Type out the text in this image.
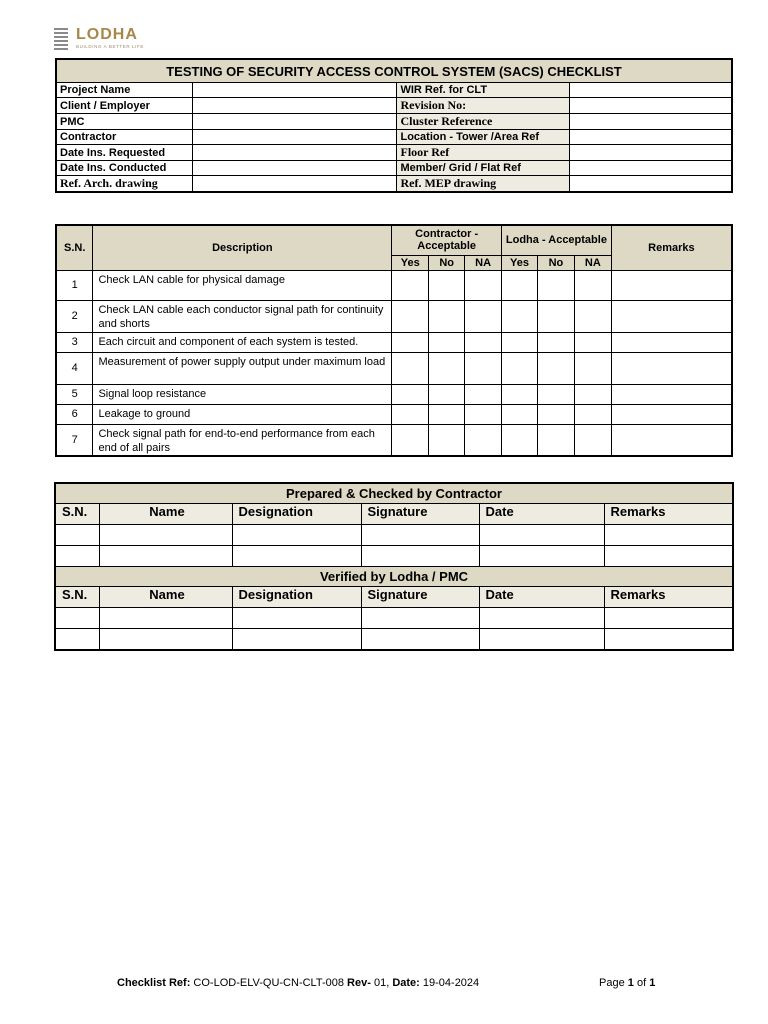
LODHA
BUILDING A BETTER LIFE
TESTING OF SECURITY ACCESS CONTROL SYSTEM (SACS) CHECKLIST			
Project Name		WIR Ref. for CLT	
Client / Employer		Revision No:	
PMC		Cluster Reference	
Contractor		Location - Tower /Area Ref	
Date Ins. Requested		Floor Ref	
Date Ins. Conducted		Member/ Grid / Flat Ref	
Ref. Arch. drawing		Ref. MEP drawing	
S.N.	Description	Contractor - Acceptable			Lodha - Acceptable			Remarks
		Yes	No	NA	Yes	No	NA	
1	Check LAN cable for physical damage							
2	Check LAN cable each conductor signal path for continuity and shorts							
3	Each circuit and component of each system is tested.							
4	Measurement of power supply output under maximum load							
5	Signal loop resistance							
6	Leakage to ground							
7	Check signal path for end-to-end performance from each end of all pairs							
Prepared & Checked by Contractor					
S.N.	Name	Designation	Signature	Date	Remarks

Verified by Lodha / PMC					
S.N.	Name	Designation	Signature	Date	Remarks

Checklist Ref: CO-LOD-ELV-QU-CN-CLT-008 Rev- 01, Date: 19-04-2024	Page 1 of 1
